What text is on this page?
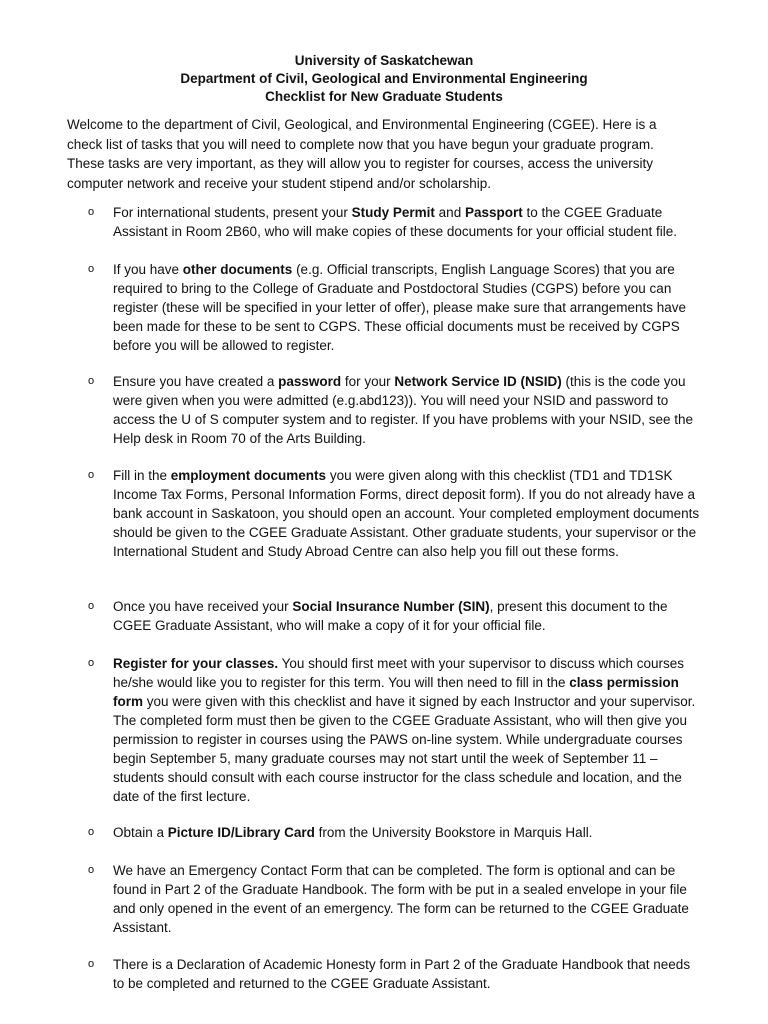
University of Saskatchewan
Department of Civil, Geological and Environmental Engineering
Checklist for New Graduate Students

Welcome to the department of Civil, Geological, and Environmental Engineering (CGEE). Here is a check list of tasks that you will need to complete now that you have begun your graduate program. These tasks are very important, as they will allow you to register for courses, access the university computer network and receive your student stipend and/or scholarship.

o For international students, present your Study Permit and Passport to the CGEE Graduate Assistant in Room 2B60, who will make copies of these documents for your official student file.

o If you have other documents (e.g. Official transcripts, English Language Scores) that you are required to bring to the College of Graduate and Postdoctoral Studies (CGPS) before you can register (these will be specified in your letter of offer), please make sure that arrangements have been made for these to be sent to CGPS. These official documents must be received by CGPS before you will be allowed to register.

o Ensure you have created a password for your Network Service ID (NSID) (this is the code you were given when you were admitted (e.g.abd123)). You will need your NSID and password to access the U of S computer system and to register. If you have problems with your NSID, see the Help desk in Room 70 of the Arts Building.

o Fill in the employment documents you were given along with this checklist (TD1 and TD1SK Income Tax Forms, Personal Information Forms, direct deposit form). If you do not already have a bank account in Saskatoon, you should open an account. Your completed employment documents should be given to the CGEE Graduate Assistant. Other graduate students, your supervisor or the International Student and Study Abroad Centre can also help you fill out these forms.

o Once you have received your Social Insurance Number (SIN), present this document to the CGEE Graduate Assistant, who will make a copy of it for your official file.

o Register for your classes. You should first meet with your supervisor to discuss which courses he/she would like you to register for this term. You will then need to fill in the class permission form you were given with this checklist and have it signed by each Instructor and your supervisor. The completed form must then be given to the CGEE Graduate Assistant, who will then give you permission to register in courses using the PAWS on-line system. While undergraduate courses begin September 5, many graduate courses may not start until the week of September 11 – students should consult with each course instructor for the class schedule and location, and the date of the first lecture.

o Obtain a Picture ID/Library Card from the University Bookstore in Marquis Hall.

o We have an Emergency Contact Form that can be completed. The form is optional and can be found in Part 2 of the Graduate Handbook. The form with be put in a sealed envelope in your file and only opened in the event of an emergency. The form can be returned to the CGEE Graduate Assistant.

o There is a Declaration of Academic Honesty form in Part 2 of the Graduate Handbook that needs to be completed and returned to the CGEE Graduate Assistant.
